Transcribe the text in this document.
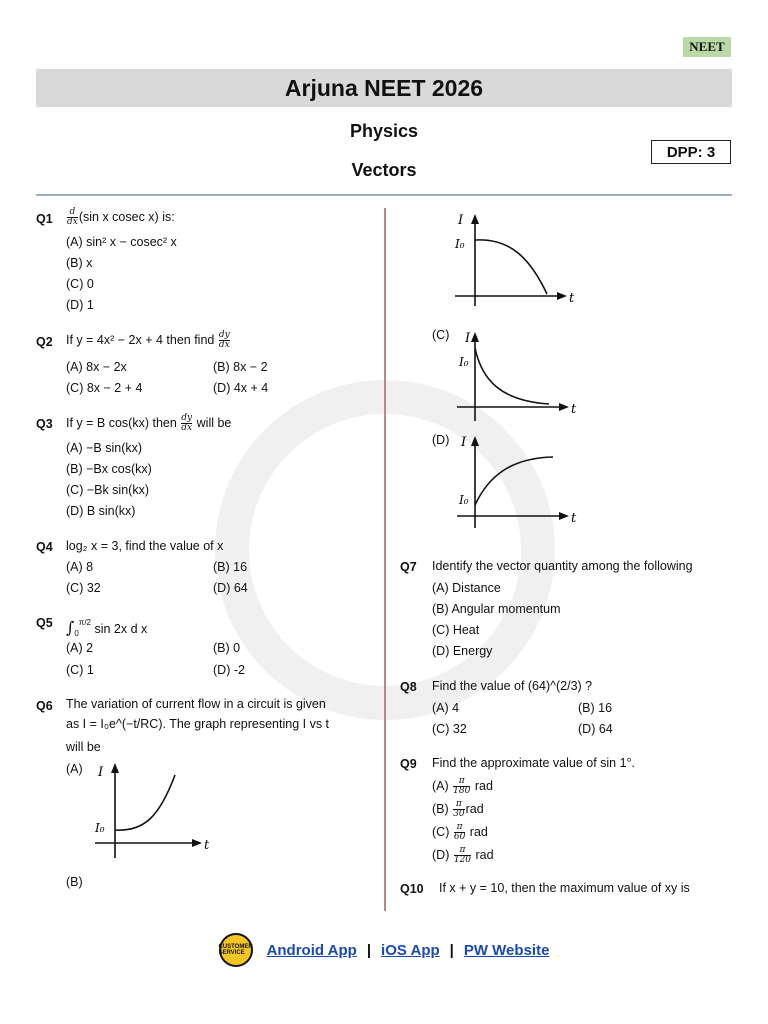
NEET
Arjuna NEET 2026
Physics
Vectors
DPP: 3
$Q1 \frac{d}{dx} (\sin$ x cosec x) is:
(A) sin² x − cosec² x
(B) x
(C) 0
(D) 1
Q2 If y = 4x² − 2x + 4 then find $\frac{dy}{dx}$
(A) 8x − 2x	(B) 8x − 2
(C) 8x − 2 + 4	(D) 4x + 4
Q3 If y = B cos(kx) then $\frac{dy}{dx}$ will be
(A) −B sin(kx)
(B) −Bx cos(kx)
(C) −Bk sin(kx)
(D) B sin(kx)
Q4 log₂ x = 3, find the value of x
(A) 8	(B) 16
(C) 32	(D) 64
Q5 $\int_0^{\pi/2}$ sin 2x d x
(A) 2	(B) 0
(C) 1	(D) -2
Q6 The variation of current flow in a circuit is given
as I = I₀e^(−t/RC). The graph representing I vs t
will be
(A)
(B)
I
I₀
t
I
I₀
t
(C) I
I₀
t
(D) I
I₀
t
Q7 Identify the vector quantity among the following
(A) Distance
(B) Angular momentum
(C) Heat
(D) Energy
Q8 Find the value of (64)^(2/3) ?
(A) 4	(B) 16
(C) 32	(D) 64
Q9 Find the approximate value of sin 1°.
$(A) \frac{\pi}{180}$ rad
$(B) \frac{\pi}{30}$ rad
$(C) \frac{\pi}{60}$ rad
$(D) \frac{\pi}{120}$ rad
Q10 If x + y = 10, then the maximum value of xy is
CUSTOMER SERVICE	Android App | iOS App | PW Website
